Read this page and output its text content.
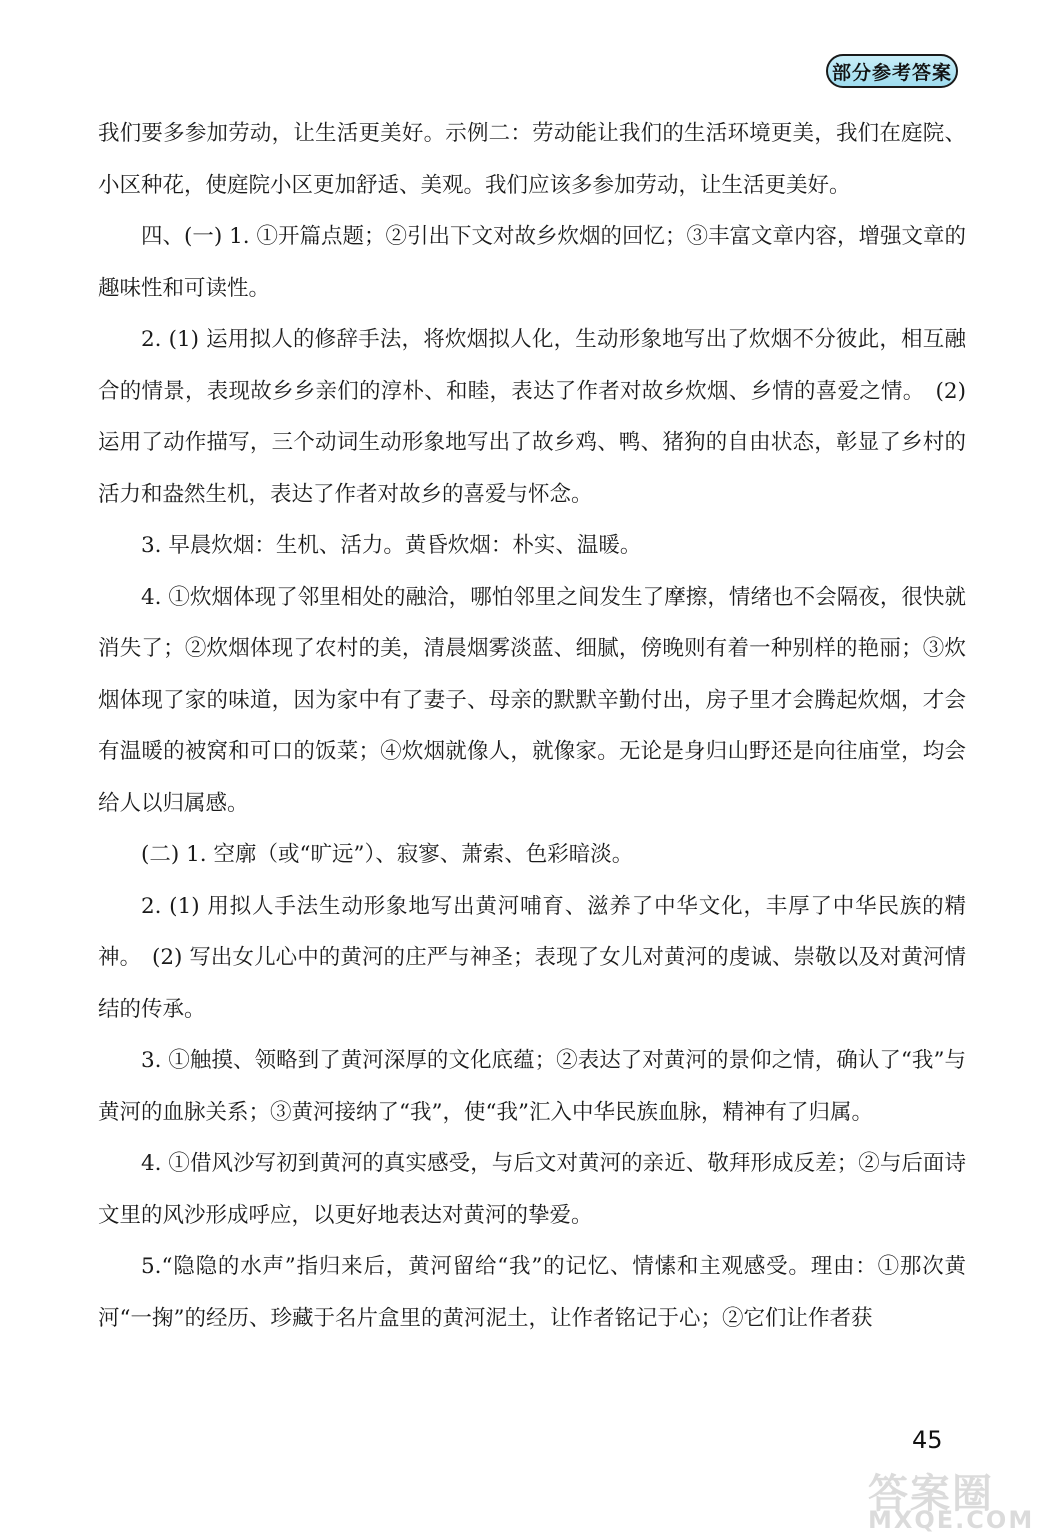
部分参考答案

我们要多参加劳动，让生活更美好。示例二：劳动能让我们的生活环境更美，我们在庭院、小区种花，使庭院小区更加舒适、美观。我们应该多参加劳动，让生活更美好。

四、(一) 1. ①开篇点题；②引出下文对故乡炊烟的回忆；③丰富文章内容，增强文章的趣味性和可读性。

2. (1) 运用拟人的修辞手法，将炊烟拟人化，生动形象地写出了炊烟不分彼此，相互融合的情景，表现故乡乡亲们的淳朴、和睦，表达了作者对故乡炊烟、乡情的喜爱之情。　(2) 运用了动作描写，三个动词生动形象地写出了故乡鸡、鸭、猪狗的自由状态，彰显了乡村的活力和盎然生机，表达了作者对故乡的喜爱与怀念。

3. 早晨炊烟：生机、活力。黄昏炊烟：朴实、温暖。

4. ①炊烟体现了邻里相处的融洽，哪怕邻里之间发生了摩擦，情绪也不会隔夜，很快就消失了；②炊烟体现了农村的美，清晨烟雾淡蓝、细腻，傍晚则有着一种别样的艳丽；③炊烟体现了家的味道，因为家中有了妻子、母亲的默默辛勤付出，房子里才会腾起炊烟，才会有温暖的被窝和可口的饭菜；④炊烟就像人，就像家。无论是身归山野还是向往庙堂，均会给人以归属感。

(二) 1. 空廓（或“旷远”）、寂寥、萧索、色彩暗淡。

2. (1) 用拟人手法生动形象地写出黄河哺育、滋养了中华文化，丰厚了中华民族的精神。　(2) 写出女儿心中的黄河的庄严与神圣；表现了女儿对黄河的虔诚、崇敬以及对黄河情结的传承。

3. ①触摸、领略到了黄河深厚的文化底蕴；②表达了对黄河的景仰之情，确认了“我”与黄河的血脉关系；③黄河接纳了“我”，使“我”汇入中华民族血脉，精神有了归属。

4. ①借风沙写初到黄河的真实感受，与后文对黄河的亲近、敬拜形成反差；②与后面诗文里的风沙形成呼应，以更好地表达对黄河的挚爱。

5.“隐隐的水声”指归来后，黄河留给“我”的记忆、情愫和主观感受。理由：①那次黄河“一掬”的经历、珍藏于名片盒里的黄河泥土，让作者铭记于心；②它们让作者获

45
答案圈
MXQE.COM
